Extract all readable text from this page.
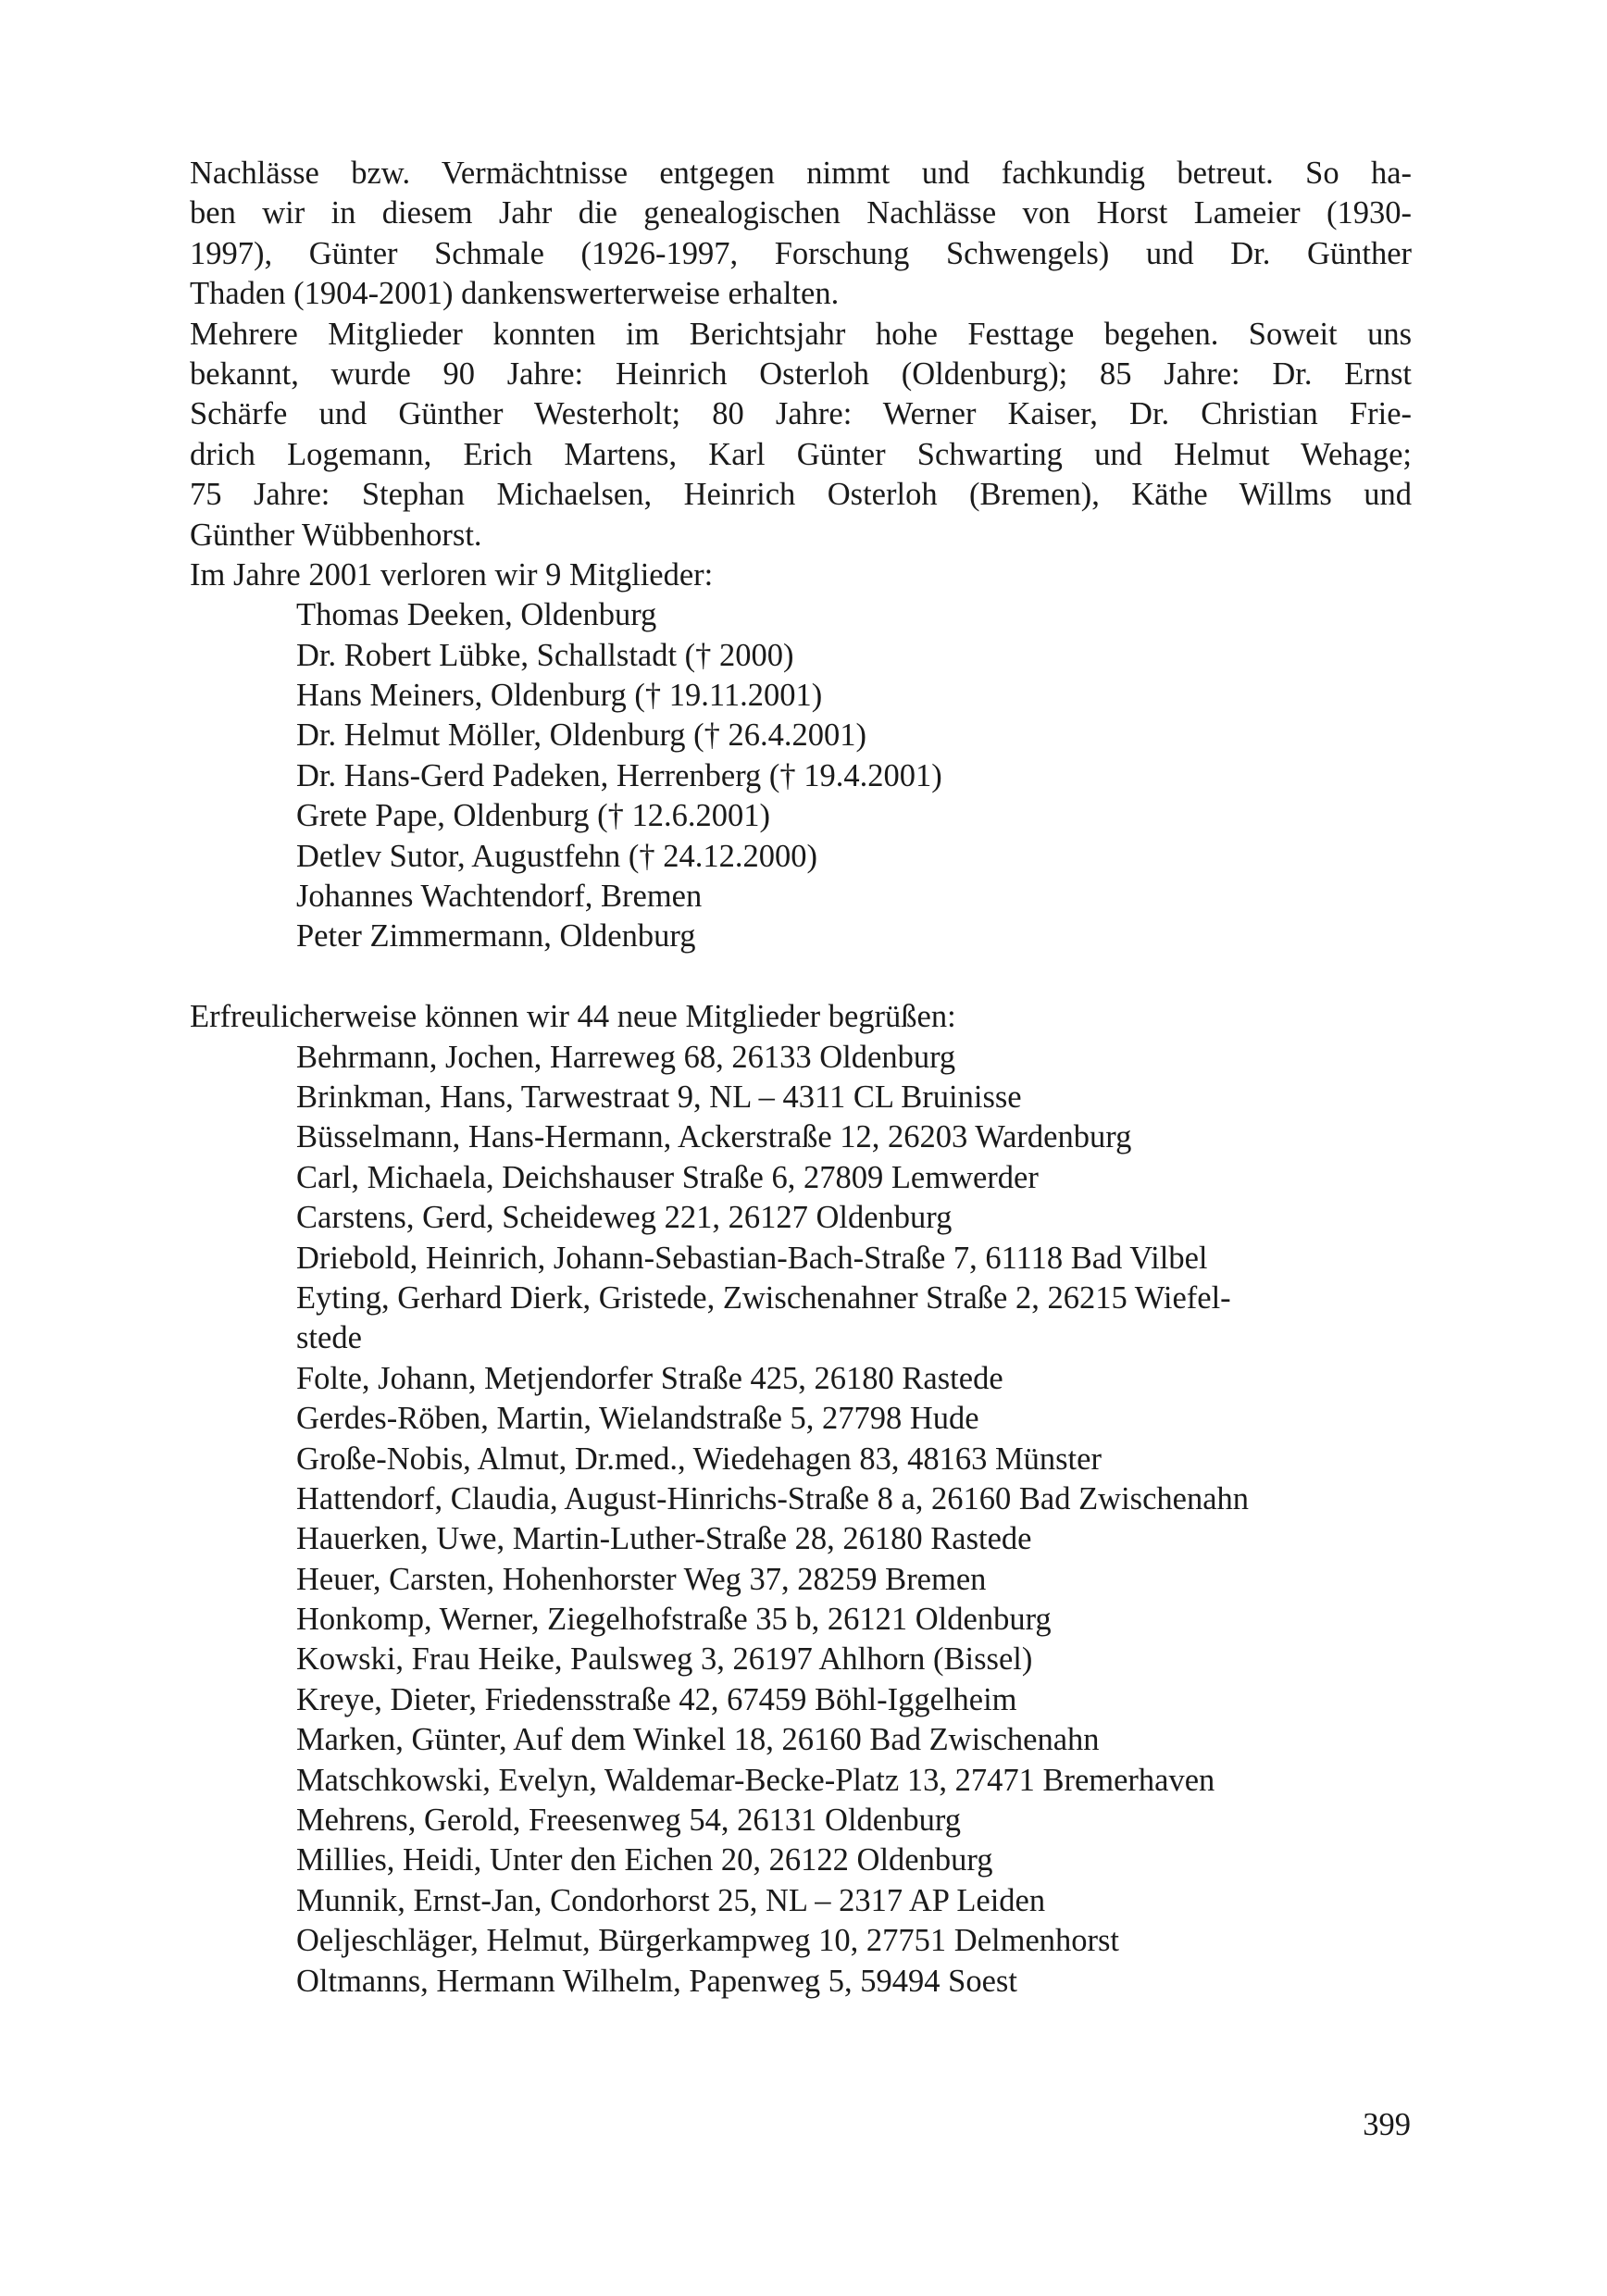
Nachlässe bzw. Vermächtnisse entgegen nimmt und fachkundig betreut. So ha-
ben wir in diesem Jahr die genealogischen Nachlässe von Horst Lameier (1930-
1997), Günter Schmale (1926-1997, Forschung Schwengels) und Dr. Günther
Thaden (1904-2001) dankenswerterweise erhalten.
Mehrere Mitglieder konnten im Berichtsjahr hohe Festtage begehen. Soweit uns
bekannt, wurde 90 Jahre: Heinrich Osterloh (Oldenburg); 85 Jahre: Dr. Ernst
Schärfe und Günther Westerholt; 80 Jahre: Werner Kaiser, Dr. Christian Frie-
drich Logemann, Erich Martens, Karl Günter Schwarting und Helmut Wehage;
75 Jahre: Stephan Michaelsen, Heinrich Osterloh (Bremen), Käthe Willms und
Günther Wübbenhorst.
Im Jahre 2001 verloren wir 9 Mitglieder:
Thomas Deeken, Oldenburg
Dr. Robert Lübke, Schallstadt († 2000)
Hans Meiners, Oldenburg († 19.11.2001)
Dr. Helmut Möller, Oldenburg († 26.4.2001)
Dr. Hans-Gerd Padeken, Herrenberg († 19.4.2001)
Grete Pape, Oldenburg († 12.6.2001)
Detlev Sutor, Augustfehn († 24.12.2000)
Johannes Wachtendorf, Bremen
Peter Zimmermann, Oldenburg
Erfreulicherweise können wir 44 neue Mitglieder begrüßen:
Behrmann, Jochen, Harreweg 68, 26133 Oldenburg
Brinkman, Hans, Tarwestraat 9, NL – 4311 CL Bruinisse
Büsselmann, Hans-Hermann, Ackerstraße 12, 26203 Wardenburg
Carl, Michaela, Deichshauser Straße 6, 27809 Lemwerder
Carstens, Gerd, Scheideweg 221, 26127 Oldenburg
Driebold, Heinrich, Johann-Sebastian-Bach-Straße 7, 61118 Bad Vilbel
Eyting, Gerhard Dierk, Gristede, Zwischenahner Straße 2, 26215 Wiefel-
stede
Folte, Johann, Metjendorfer Straße 425, 26180 Rastede
Gerdes-Röben, Martin, Wielandstraße 5, 27798 Hude
Große-Nobis, Almut, Dr.med., Wiedehagen 83, 48163 Münster
Hattendorf, Claudia, August-Hinrichs-Straße 8 a, 26160 Bad Zwischenahn
Hauerken, Uwe, Martin-Luther-Straße 28, 26180 Rastede
Heuer, Carsten, Hohenhorster Weg 37, 28259 Bremen
Honkomp, Werner, Ziegelhofstraße 35 b, 26121 Oldenburg
Kowski, Frau Heike, Paulsweg 3, 26197 Ahlhorn (Bissel)
Kreye, Dieter, Friedensstraße 42, 67459 Böhl-Iggelheim
Marken, Günter, Auf dem Winkel 18, 26160 Bad Zwischenahn
Matschkowski, Evelyn, Waldemar-Becke-Platz 13, 27471 Bremerhaven
Mehrens, Gerold, Freesenweg 54, 26131 Oldenburg
Millies, Heidi, Unter den Eichen 20, 26122 Oldenburg
Munnik, Ernst-Jan, Condorhorst 25, NL – 2317 AP Leiden
Oeljeschläger, Helmut, Bürgerkampweg 10, 27751 Delmenhorst
Oltmanns, Hermann Wilhelm, Papenweg 5, 59494 Soest
399
